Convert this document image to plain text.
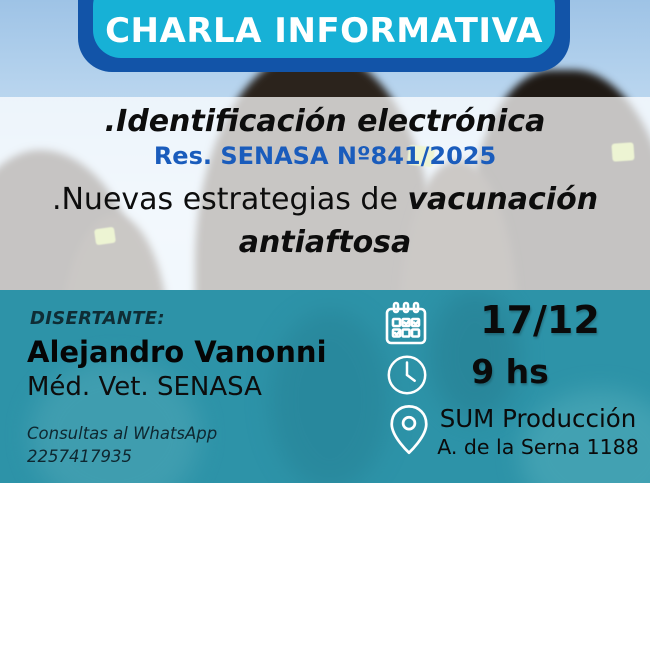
CHARLA INFORMATIVA
.Identificación electrónica
Res. SENASA Nº841/2025
.Nuevas estrategias de vacunación antiaftosa
DISERTANTE:
Alejandro Vanonni
Méd. Vet. SENASA
Consultas al WhatsApp
2257417935
17/12
9 hs
SUM Producción
A. de la Serna 1188
